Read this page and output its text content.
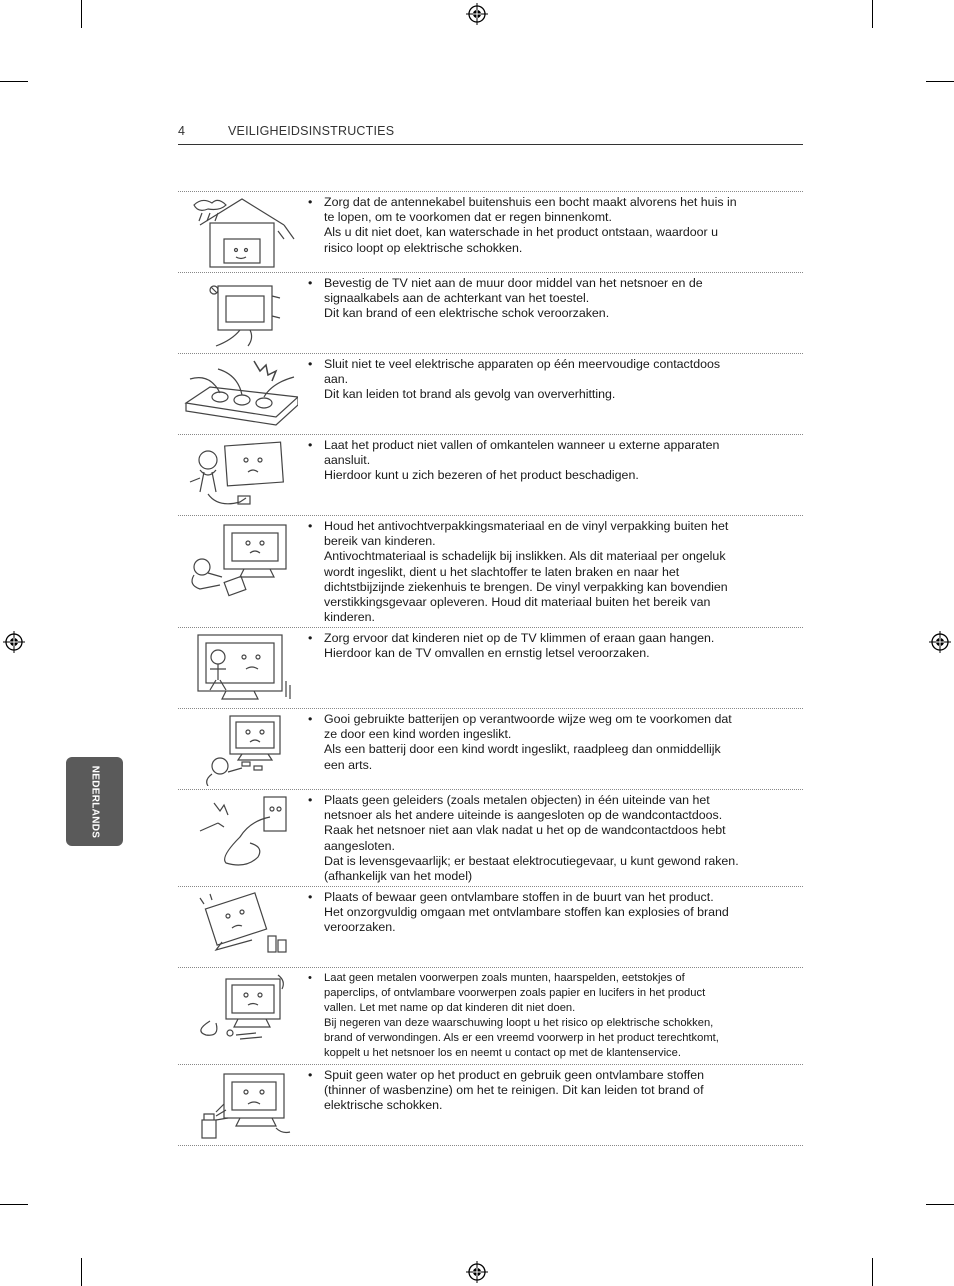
4	VEILIGHEIDSINSTRUCTIES
NEDERLANDS
• Zorg dat de antennekabel buitenshuis een bocht maakt alvorens het huis in
te lopen, om te voorkomen dat er regen binnenkomt.
Als u dit niet doet, kan waterschade in het product ontstaan, waardoor u
risico loopt op elektrische schokken.
• Bevestig de TV niet aan de muur door middel van het netsnoer en de
signaalkabels aan de achterkant van het toestel.
Dit kan brand of een elektrische schok veroorzaken.
• Sluit niet te veel elektrische apparaten op één meervoudige contactdoos
aan.
Dit kan leiden tot brand als gevolg van oververhitting.
• Laat het product niet vallen of omkantelen wanneer u externe apparaten
aansluit.
Hierdoor kunt u zich bezeren of het product beschadigen.
• Houd het antivochtverpakkingsmateriaal en de vinyl verpakking buiten het
bereik van kinderen.
Antivochtmateriaal is schadelijk bij inslikken. Als dit materiaal per ongeluk
wordt ingeslikt, dient u het slachtoffer te laten braken en naar het
dichtstbijzijnde ziekenhuis te brengen. De vinyl verpakking kan bovendien
verstikkingsgevaar opleveren. Houd dit materiaal buiten het bereik van
kinderen.
• Zorg ervoor dat kinderen niet op de TV klimmen of eraan gaan hangen.
Hierdoor kan de TV omvallen en ernstig letsel veroorzaken.
• Gooi gebruikte batterijen op verantwoorde wijze weg om te voorkomen dat
ze door een kind worden ingeslikt.
Als een batterij door een kind wordt ingeslikt, raadpleeg dan onmiddellijk
een arts.
• Plaats geen geleiders (zoals metalen objecten) in één uiteinde van het
netsnoer als het andere uiteinde is aangesloten op de wandcontactdoos.
Raak het netsnoer niet aan vlak nadat u het op de wandcontactdoos hebt
aangesloten.
Dat is levensgevaarlijk; er bestaat elektrocutiegevaar, u kunt gewond raken.
(afhankelijk van het model)
• Plaats of bewaar geen ontvlambare stoffen in de buurt van het product.
Het onzorgvuldig omgaan met ontvlambare stoffen kan explosies of brand
veroorzaken.
• Laat geen metalen voorwerpen zoals munten, haarspelden, eetstokjes of
paperclips, of ontvlambare voorwerpen zoals papier en lucifers in het product
vallen. Let met name op dat kinderen dit niet doen.
Bij negeren van deze waarschuwing loopt u het risico op elektrische schokken,
brand of verwondingen. Als er een vreemd voorwerp in het product terechtkomt,
koppelt u het netsnoer los en neemt u contact op met de klantenservice.
• Spuit geen water op het product en gebruik geen ontvlambare stoffen
(thinner of wasbenzine) om het te reinigen. Dit kan leiden tot brand of
elektrische schokken.
